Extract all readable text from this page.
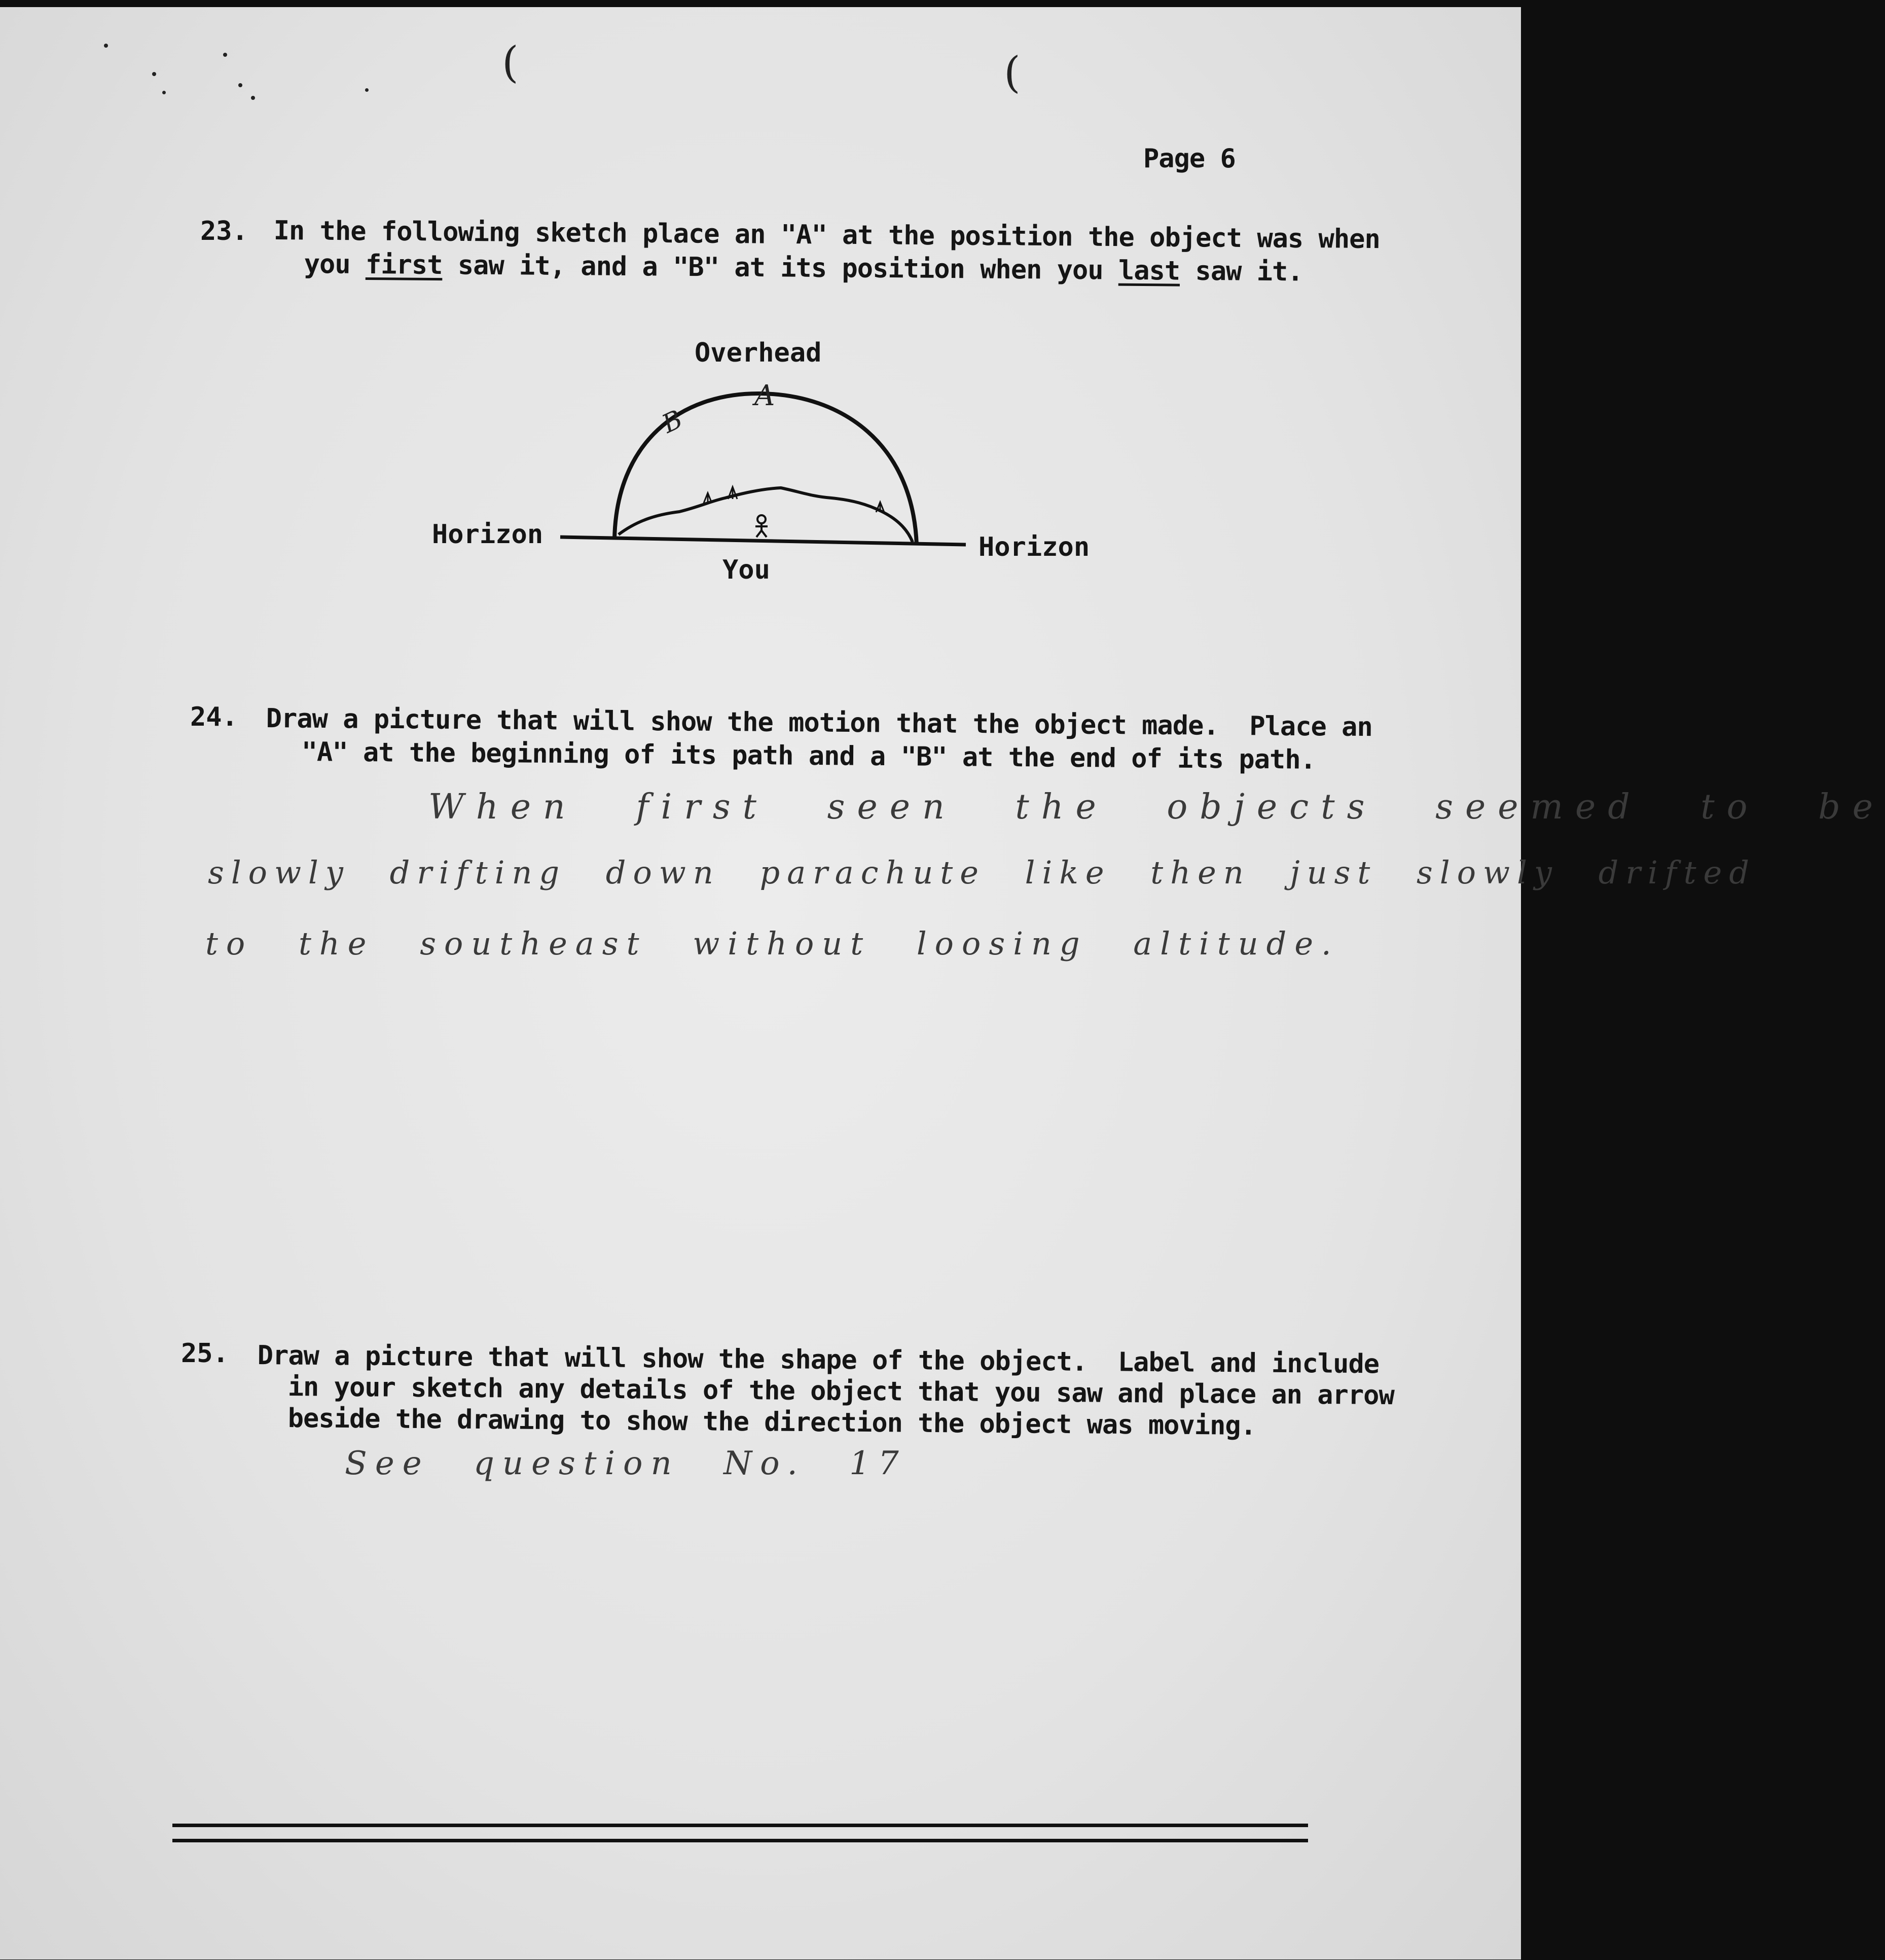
(	(
Page 6
23. In the following sketch place an "A" at the position the object was when
you first saw it, and a "B" at its position when you last saw it.
Overhead
Horizon	Horizon
You
A
B
24. Draw a picture that will show the motion that the object made.  Place an
"A" at the beginning of its path and a "B" at the end of its path.
When first seen the objects seemed to be
slowly drifting down parachute like then just slowly drifted
to the southeast without loosing altitude.
25. Draw a picture that will show the shape of the object.  Label and include
in your sketch any details of the object that you saw and place an arrow
beside the drawing to show the direction the object was moving.
See question No. 17
